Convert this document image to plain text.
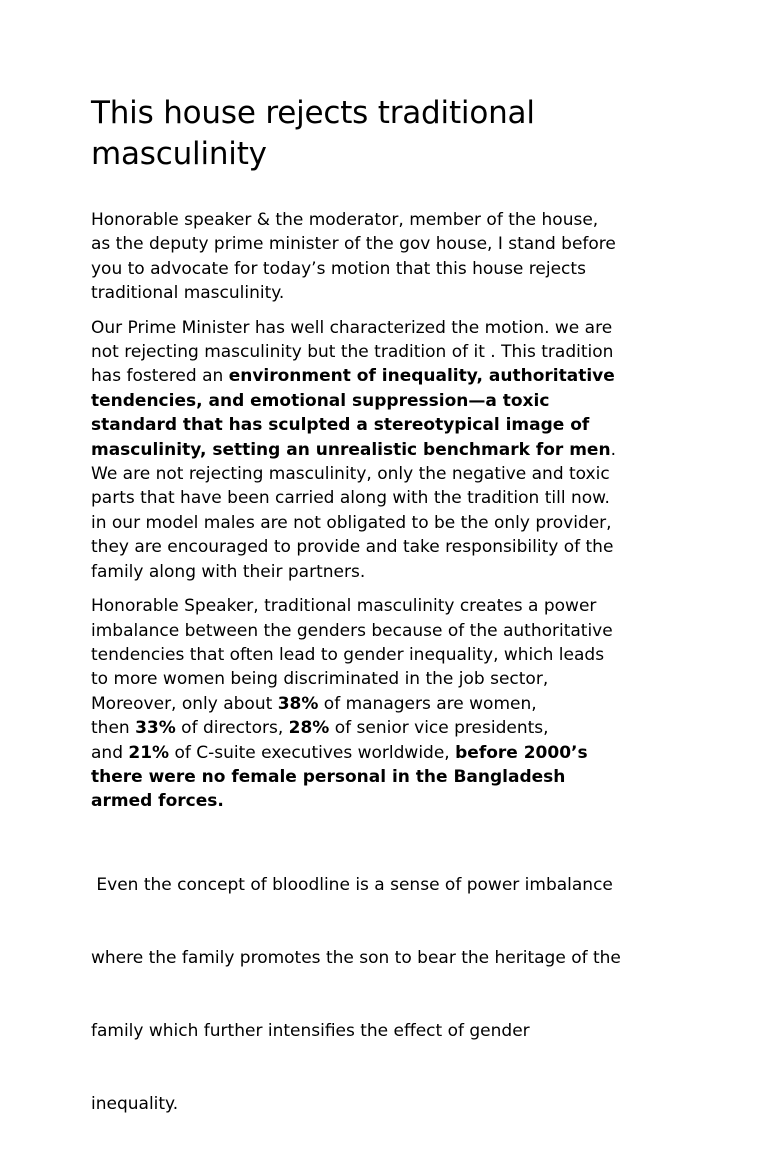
This house rejects traditional
masculinity

Honorable speaker & the moderator, member of the house,
as the deputy prime minister of the gov house, I stand before
you to advocate for today’s motion that this house rejects
traditional masculinity.

Our Prime Minister has well characterized the motion. we are
not rejecting masculinity but the tradition of it . This tradition
has fostered an environment of inequality, authoritative
tendencies, and emotional suppression—a toxic
standard that has sculpted a stereotypical image of
masculinity, setting an unrealistic benchmark for men.
We are not rejecting masculinity, only the negative and toxic
parts that have been carried along with the tradition till now.
in our model males are not obligated to be the only provider,
they are encouraged to provide and take responsibility of the
family along with their partners.

Honorable Speaker, traditional masculinity creates a power
imbalance between the genders because of the authoritative
tendencies that often lead to gender inequality, which leads
to more women being discriminated in the job sector,
Moreover, only about 38% of managers are women,
then 33% of directors, 28% of senior vice presidents,
and 21% of C-suite executives worldwide, before 2000’s
there were no female personal in the Bangladesh
armed forces.

Even the concept of bloodline is a sense of power imbalance

where the family promotes the son to bear the heritage of the

family which further intensifies the effect of gender

inequality.
